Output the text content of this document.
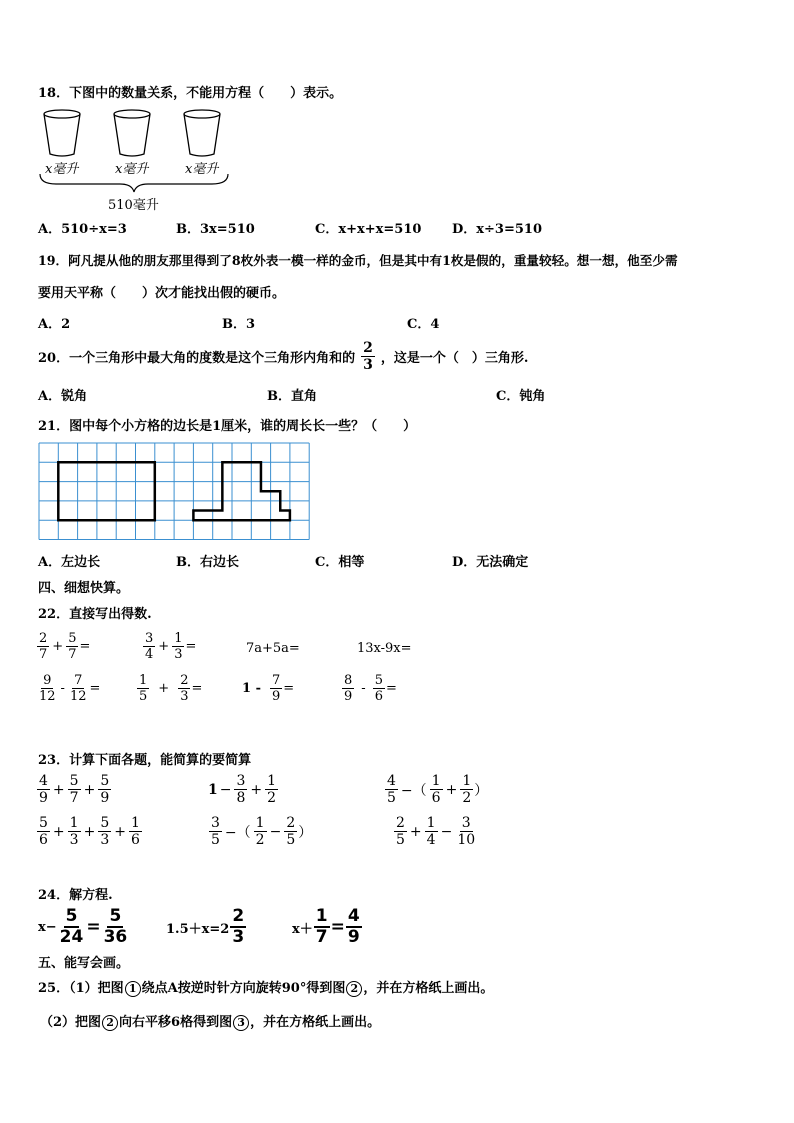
18．下图中的数量关系，不能用方程（　　）表示。
x毫升	x毫升	x毫升
510毫升
A．510÷x=3	B．3x=510	C．x+x+x=510 D．x÷3=510
19．阿凡提从他的朋友那里得到了8枚外表一模一样的金币，但是其中有1枚是假的，重量较轻。想一想，他至少需
要用天平称（　　）次才能找出假的硬币。
A．2	B．3	C．4
20．一个三角形中最大角的度数是这个三角形内角和的 $\frac{2}{3}$ ，这是一个（　）三角形.
A．锐角	B．直角	C．钝角
21．图中每个小方格的边长是1厘米，谁的周长长一些？（　　）
A．左边长	B．右边长	C．相等	D．无法确定
四、细想快算。
22．直接写出得数.
$\frac{2}{7} + \frac{5}{7}$ =	$\frac{3}{4} + \frac{1}{3}$ =	7a+5a=	13x-9x=
$\frac{9}{12} - \frac{7}{12}$ =	$\frac{1}{5} + \frac{2}{3}$ =	$1 - \frac{7}{9}$ =	$\frac{8}{9} - \frac{5}{6}$ =
23．计算下面各题，能简算的要简算
$\frac{4}{9} + \frac{5}{7} + \frac{5}{9}$	$1 - \frac{3}{8} + \frac{1}{2}$	$\frac{4}{5}$ −（ $\frac{1}{6} + \frac{1}{2}$ ）
$\frac{5}{6} + \frac{1}{3} + \frac{5}{3} + \frac{1}{6}$	$\frac{3}{5}$ −（ $\frac{1}{2} - \frac{2}{5}$ ）	$\frac{2}{5} + \frac{1}{4} - \frac{3}{10}$
24．解方程.
$x- \frac{5}{24} = \frac{5}{36}$	$1.5+x=2 \frac{2}{3}$	$x+ \frac{1}{7} = \frac{4}{9}$
五、能写会画。
25．（1）把图 1 绕点A按逆时针方向旋转90°得到图 2 ，并在方格纸上画出。
（2）把图 2 向右平移6格得到图 3 ，并在方格纸上画出。
